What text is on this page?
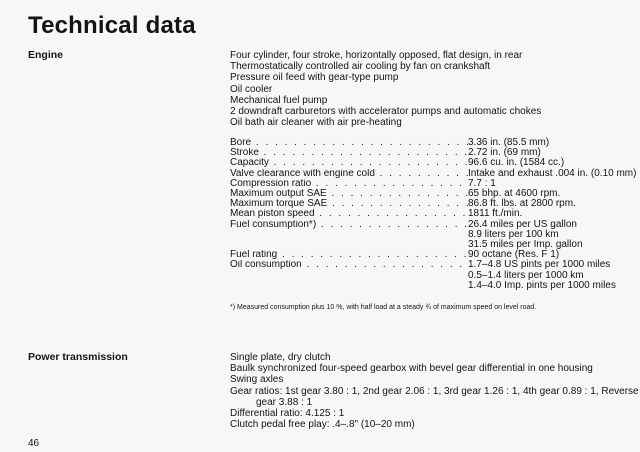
Technical data
Engine	Four cylinder, four stroke, horizontally opposed, flat design, in rear
Thermostatically controlled air cooling by fan on crankshaft
Pressure oil feed with gear-type pump
Oil cooler
Mechanical fuel pump
2 downdraft carburetors with accelerator pumps and automatic chokes
Oil bath air cleaner with air pre-heating
Bore . . .	3.36 in. (85.5 mm)
Stroke . . .	2.72 in. (69 mm)
Capacity . . .	96.6 cu. in. (1584 cc.)
Valve clearance with engine cold . . .	Intake and exhaust .004 in. (0.10 mm)
Compression ratio . . .	7.7 : 1
Maximum output SAE . . .	65 bhp. at 4600 rpm.
Maximum torque SAE . . .	86.8 ft. lbs. at 2800 rpm.
Mean piston speed . . .	1811 ft./min.
Fuel consumption*) . . .	26.4 miles per US gallon
8.9 liters per 100 km
31.5 miles per Imp. gallon
Fuel rating . . .	90 octane (Res. F 1)
Oil consumption . . .	1.7–4.8 US pints per 1000 miles
0.5–1.4 liters per 1000 km
1.4–4.0 Imp. pints per 1000 miles
*) Measured consumption plus 10 %, with half load at a steady ¾ of maximum speed on level road.
Power transmission	Single plate, dry clutch
Baulk synchronized four-speed gearbox with bevel gear differential in one housing
Swing axles
Gear ratios: 1st gear 3.80 : 1, 2nd gear 2.06 : 1, 3rd gear 1.26 : 1, 4th gear 0.89 : 1, Reverse
gear 3.88 : 1
Differential ratio: 4.125 : 1
Clutch pedal free play: .4–.8" (10–20 mm)
46
